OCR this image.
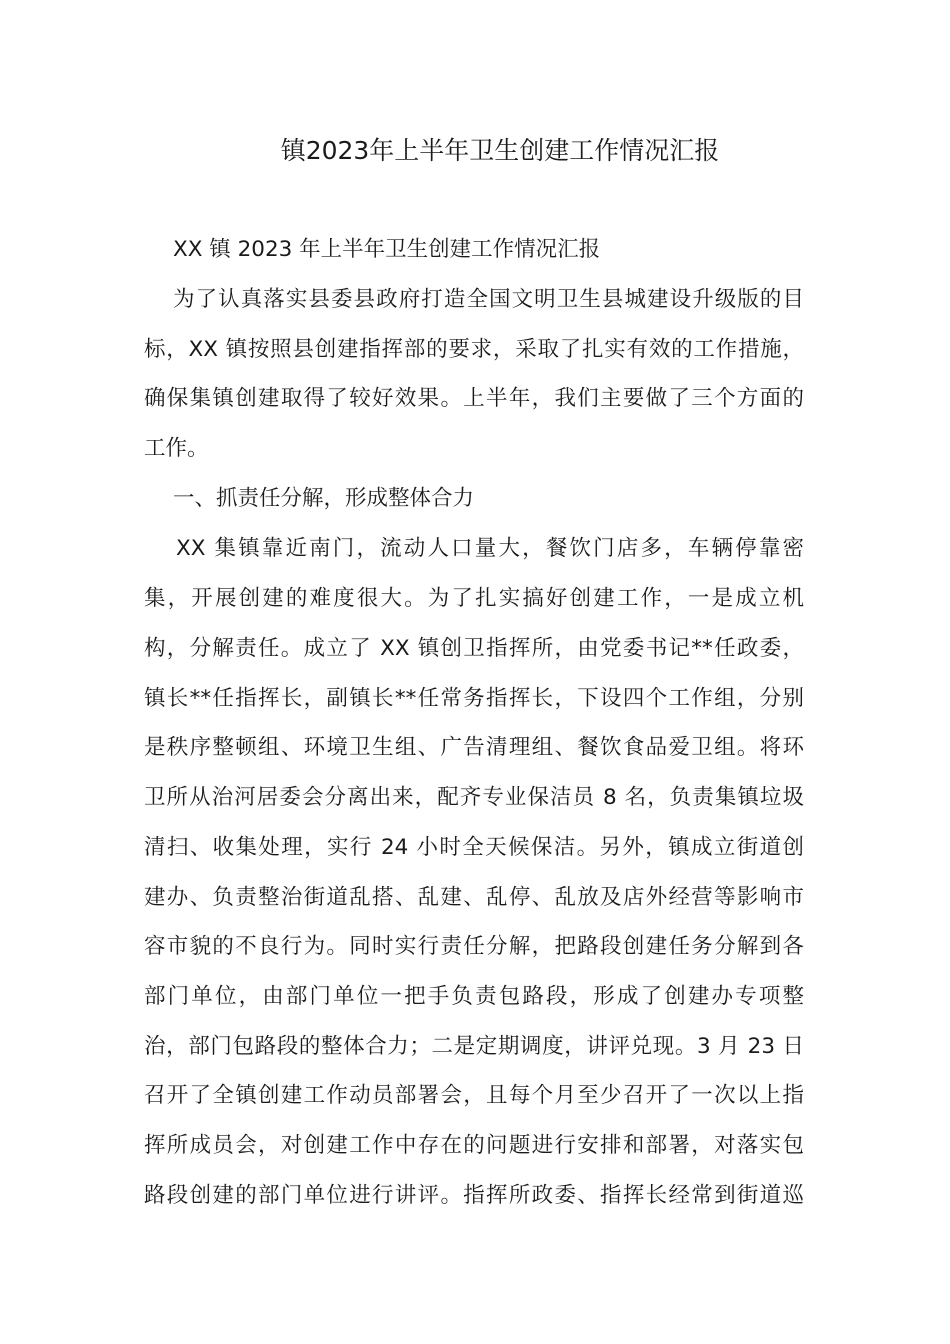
镇2023年上半年卫生创建工作情况汇报

XX 镇 2023 年上半年卫生创建工作情况汇报

为了认真落实县委县政府打造全国文明卫生县城建设升级版的目

标，XX 镇按照县创建指挥部的要求，采取了扎实有效的工作措施，

确保集镇创建取得了较好效果。上半年，我们主要做了三个方面的

工作。

一、抓责任分解，形成整体合力

XX 集镇靠近南门，流动人口量大，餐饮门店多，车辆停靠密

集，开展创建的难度很大。为了扎实搞好创建工作，一是成立机

构，分解责任。成立了 XX 镇创卫指挥所，由党委书记**任政委，

镇长**任指挥长，副镇长**任常务指挥长，下设四个工作组，分别

是秩序整顿组、环境卫生组、广告清理组、餐饮食品爱卫组。将环

卫所从治河居委会分离出来，配齐专业保洁员 8 名，负责集镇垃圾

清扫、收集处理，实行 24 小时全天候保洁。另外，镇成立街道创

建办、负责整治街道乱搭、乱建、乱停、乱放及店外经营等影响市

容市貌的不良行为。同时实行责任分解，把路段创建任务分解到各

部门单位，由部门单位一把手负责包路段，形成了创建办专项整

治，部门包路段的整体合力；二是定期调度，讲评兑现。3 月 23 日

召开了全镇创建工作动员部署会，且每个月至少召开了一次以上指

挥所成员会，对创建工作中存在的问题进行安排和部署，对落实包

路段创建的部门单位进行讲评。指挥所政委、指挥长经常到街道巡
